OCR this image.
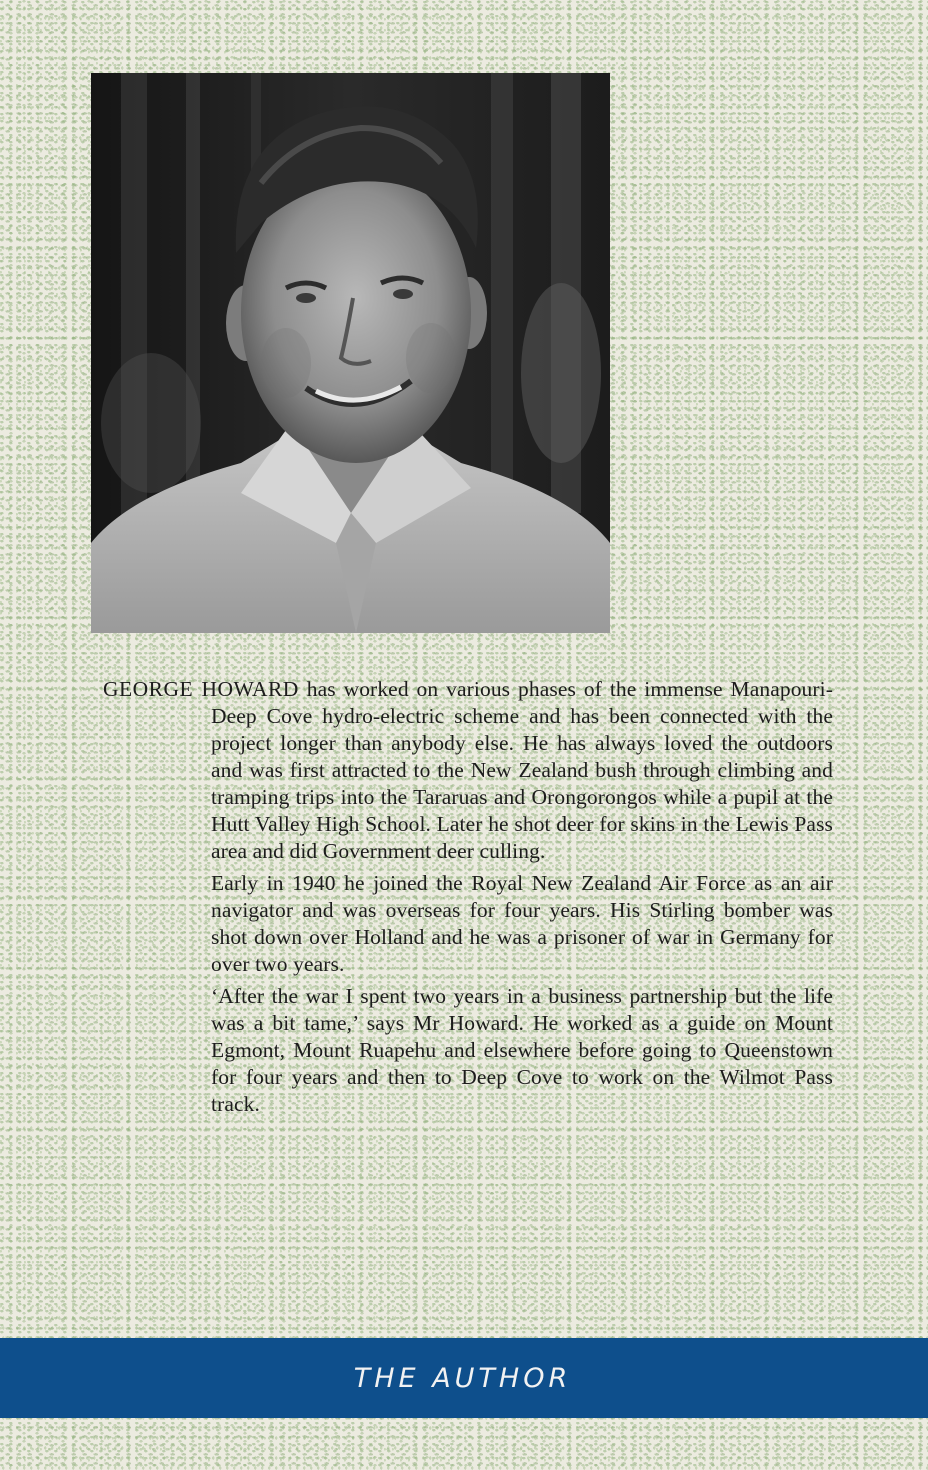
GEORGE HOWARD has worked on various phases of the immense Manapouri-Deep Cove hydro-electric scheme and has been connected with the project longer than anybody else. He has always loved the outdoors and was first attracted to the New Zealand bush through climbing and tramping trips into the Tararuas and Orongorongos while a pupil at the Hutt Valley High School. Later he shot deer for skins in the Lewis Pass area and did Government deer culling.

Early in 1940 he joined the Royal New Zealand Air Force as an air navigator and was overseas for four years. His Stirling bomber was shot down over Holland and he was a prisoner of war in Germany for over two years.

‘After the war I spent two years in a business partnership but the life was a bit tame,’ says Mr Howard. He worked as a guide on Mount Egmont, Mount Ruapehu and elsewhere before going to Queenstown for four years and then to Deep Cove to work on the Wilmot Pass track.

THE AUTHOR
